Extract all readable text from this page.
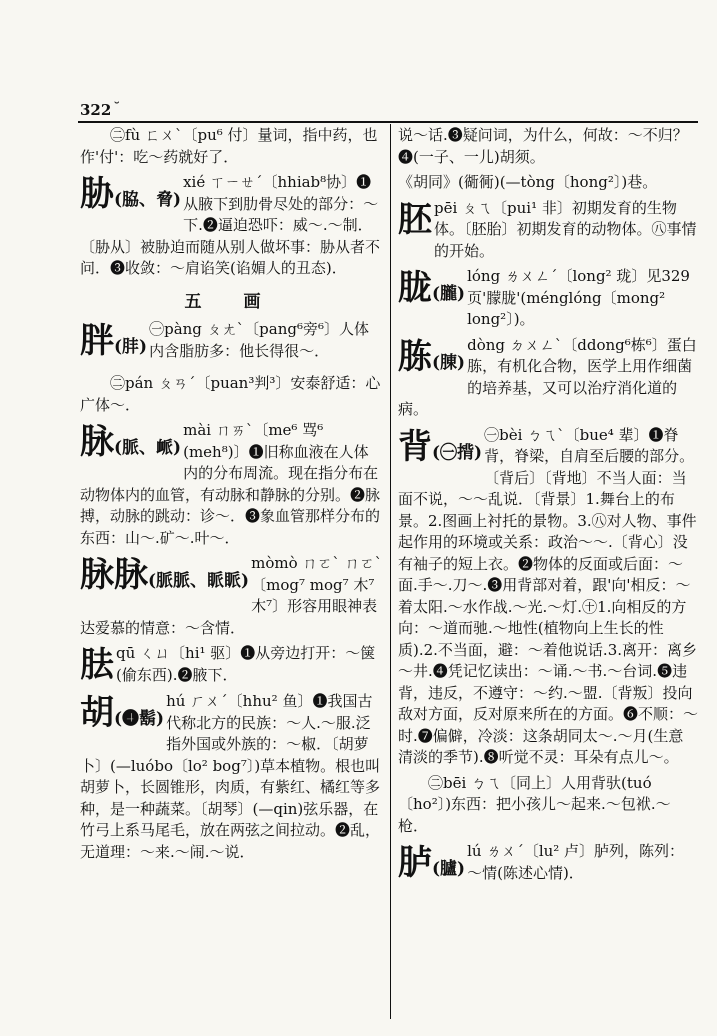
322 ˘

㊁fù ㄈㄨˋ〔pu⁶ 付〕量词，指中药，也作'付'：吃～药就好了．

胁(脇、脅)
xié ㄒㄧㄝˊ〔hhiab⁸协〕❶从腋下到肋骨尽处的部分：～下.❷逼迫恐吓：威～.～制．〔胁从〕被胁迫而随从别人做坏事：胁从者不问．❸收敛：～肩谄笑(谄媚人的丑态)．
五 画
胖(肨)
㊀pàng ㄆㄤˋ〔pang⁶旁⁶〕人体内含脂肪多：他长得很～．

㊁pán ㄆㄢˊ〔puan³判³〕安泰舒适：心广体～．

脉(脈、衇)
mài ㄇㄞˋ〔me⁶ 骂⁶ (meh⁸)〕❶旧称血液在人体内的分布周流。现在指分布在动物体内的血管，有动脉和静脉的分别。❷脉搏，动脉的跳动：诊～．❸象血管那样分布的东西：山～.矿～.叶～．
脉脉(脈脈、眽眽)
mòmò ㄇㄛˋ ㄇㄛˋ〔mog⁷ mog⁷ 木⁷ 木⁷〕形容用眼神表达爱慕的情意：～含情．
胠qū ㄑㄩ〔hi¹ 驱〕❶从旁边打开：～箧(偷东西).❷腋下．
胡(❹鬍)
hú ㄏㄨˊ〔hhu² 鱼〕❶我国古代称北方的民族：～人.～服.泛指外国或外族的：～椒．〔胡萝卜〕(—luóbo〔lo² bog⁷〕)草本植物。根也叫胡萝卜，长圆锥形，肉质，有紫红、橘红等多种，是一种蔬菜。〔胡琴〕(—qin)弦乐器，在竹弓上系马尾毛，放在两弦之间拉动。❷乱，无道理：～来.～闹.～说．

说～话.❸疑问词，为什么，何故：～不归？❹(一子、一儿)胡须。

《胡同》(衚衕)(—tòng〔hong²〕)巷。

胚pēi ㄆㄟ〔pui¹ 非〕初期发育的生物体。〔胚胎〕初期发育的动物体。㊇事情的开始。
胧(朧)
lóng ㄌㄨㄥˊ〔long² 珑〕见329页'朦胧'(ménglóng〔mong² long²〕)。
胨(腖)
dòng ㄉㄨㄥˋ〔ddong⁶栋⁶〕蛋白胨，有机化合物，医学上用作细菌的培养基，又可以治疗消化道的病。
背(㊀揹)
㊀bèi ㄅㄟˋ〔bue⁴ 辈〕❶脊背，脊梁，自肩至后腰的部分。〔背后〕〔背地〕不当人面：当面不说，～～乱说．〔背景〕1.舞台上的布景。2.图画上衬托的景物。3.㊇对人物、事件起作用的环境或关系：政治～～.〔背心〕没有袖子的短上衣。❷物体的反面或后面：～面.手～.刀～.❸用背部对着，跟'向'相反：～着太阳.～水作战.～光.～灯.㊉1.向相反的方向：～道而驰.～地性(植物向上生长的性质).2.不当面，避：～着他说话.3.离开：离乡～井.❹凭记忆读出：～诵.～书.～台词.❺违背，违反，不遵守：～约.～盟.〔背叛〕投向敌对方面，反对原来所在的方面。❻不顺：～时.❼偏僻，冷淡：这条胡同太～.～月(生意清淡的季节).❽听觉不灵：耳朵有点儿～。

㊁bēi ㄅㄟ〔同上〕人用背驮(tuó〔ho²〕)东西：把小孩儿～起来.～包袱.～枪．

胪(臚)
lú ㄌㄨˊ〔lu² 卢〕胪列，陈列：～情(陈述心情)．
